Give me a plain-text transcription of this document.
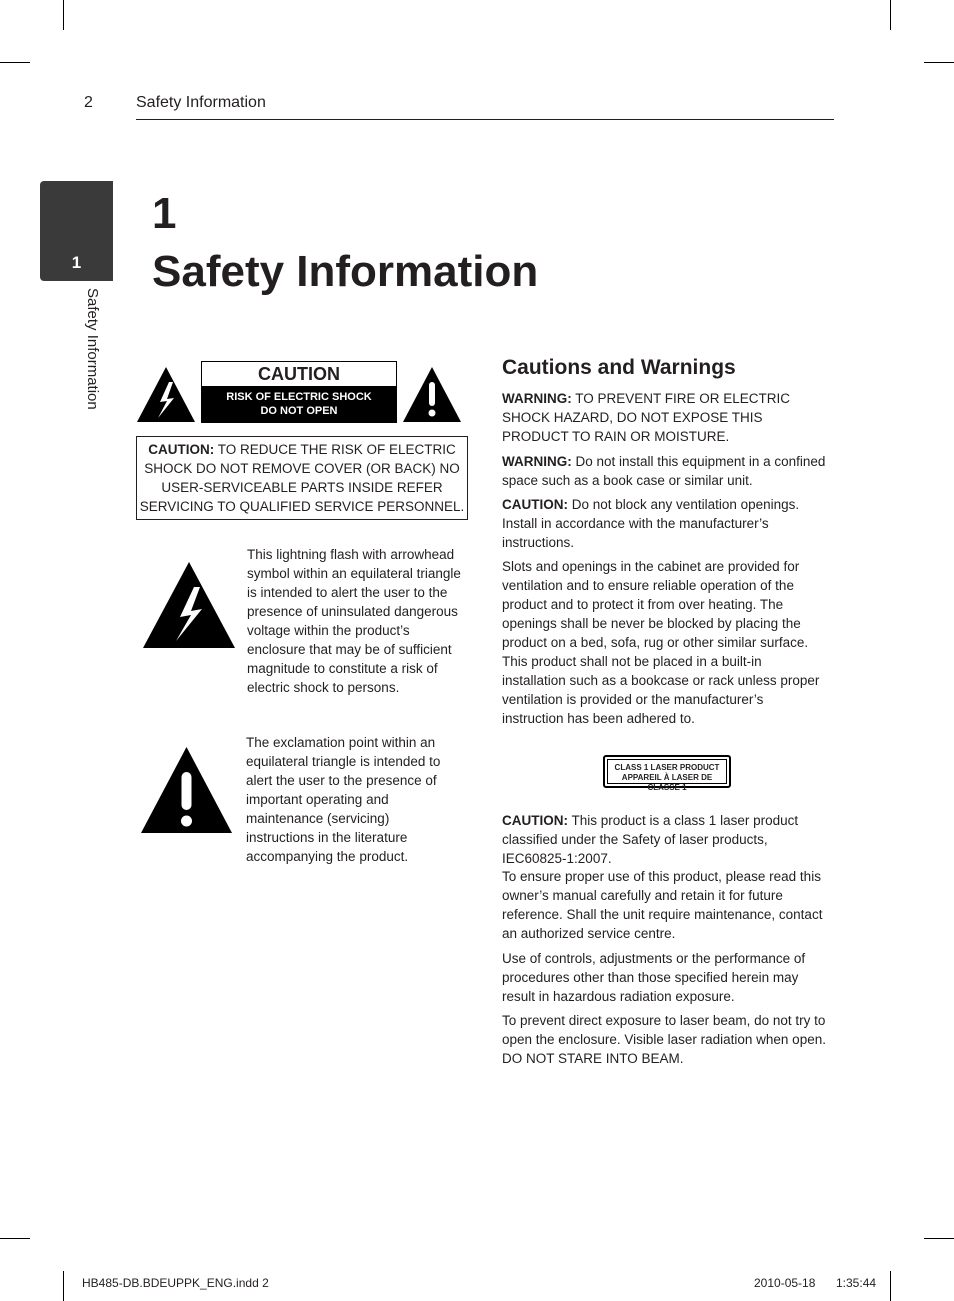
2	Safety Information
1
Safety Information
1
Safety Information
CAUTION
RISK OF ELECTRIC SHOCK
DO NOT OPEN
CAUTION: TO REDUCE THE RISK OF ELECTRIC SHOCK DO NOT REMOVE COVER (OR BACK) NO USER-SERVICEABLE PARTS INSIDE REFER SERVICING TO QUALIFIED SERVICE PERSONNEL.
This lightning flash with arrowhead symbol within an equilateral triangle is intended to alert the user to the presence of uninsulated dangerous voltage within the product’s enclosure that may be of sufficient magnitude to constitute a risk of electric shock to persons.
The exclamation point within an equilateral triangle is intended to alert the user to the presence of important operating and maintenance (servicing) instructions in the literature accompanying the product.
Cautions and Warnings
WARNING: TO PREVENT FIRE OR ELECTRIC SHOCK HAZARD, DO NOT EXPOSE THIS PRODUCT TO RAIN OR MOISTURE.
WARNING: Do not install this equipment in a confined space such as a book case or similar unit.
CAUTION: Do not block any ventilation openings. Install in accordance with the manufacturer’s instructions.
Slots and openings in the cabinet are provided for ventilation and to ensure reliable operation of the product and to protect it from over heating. The openings shall be never be blocked by placing the product on a bed, sofa, rug or other similar surface. This product shall not be placed in a built-in installation such as a bookcase or rack unless proper ventilation is provided or the manufacturer’s instruction has been adhered to.
CLASS 1 LASER PRODUCT
APPAREIL À LASER DE CLASSE 1
CAUTION: This product is a class 1 laser product classified under the Safety of laser products, IEC60825-1:2007.
To ensure proper use of this product, please read this owner’s manual carefully and retain it for future reference. Shall the unit require maintenance, contact an authorized service centre.
Use of controls, adjustments or the performance of procedures other than those specified herein may result in hazardous radiation exposure.
To prevent direct exposure to laser beam, do not try to open the enclosure. Visible laser radiation when open. DO NOT STARE INTO BEAM.
HB485-DB.BDEUPPK_ENG.indd 2	2010-05-18 1:35:44
